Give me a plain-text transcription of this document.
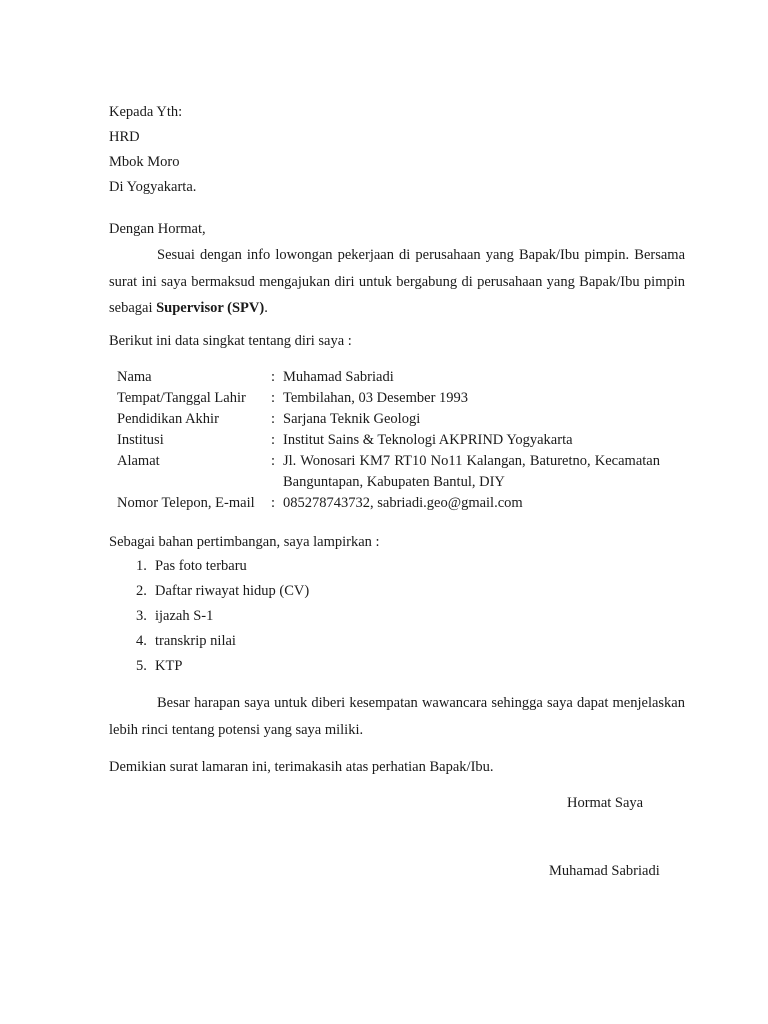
Kepada Yth:
HRD
Mbok Moro
Di Yogyakarta.
Dengan Hormat,
Sesuai dengan info lowongan pekerjaan di perusahaan yang Bapak/Ibu pimpin. Bersama surat ini saya bermaksud mengajukan diri untuk bergabung di perusahaan yang Bapak/Ibu pimpin sebagai Supervisor (SPV).
Berikut ini data singkat tentang diri saya :
Nama	: Muhamad Sabriadi
Tempat/Tanggal Lahir : Tembilahan, 03 Desember 1993
Pendidikan Akhir	: Sarjana Teknik Geologi
Institusi	: Institut Sains & Teknologi AKPRIND Yogyakarta
Alamat	: Jl. Wonosari KM7 RT10 No11 Kalangan, Baturetno, Kecamatan Banguntapan, Kabupaten Bantul, DIY
Nomor Telepon, E-mail : 085278743732, sabriadi.geo@gmail.com
Sebagai bahan pertimbangan, saya lampirkan :
1. Pas foto terbaru
2. Daftar riwayat hidup (CV)
3. ijazah S-1
4. transkrip nilai
5. KTP
Besar harapan saya untuk diberi kesempatan wawancara sehingga saya dapat menjelaskan lebih rinci tentang potensi yang saya miliki.
Demikian surat lamaran ini, terimakasih atas perhatian Bapak/Ibu.
Hormat Saya
Muhamad Sabriadi
